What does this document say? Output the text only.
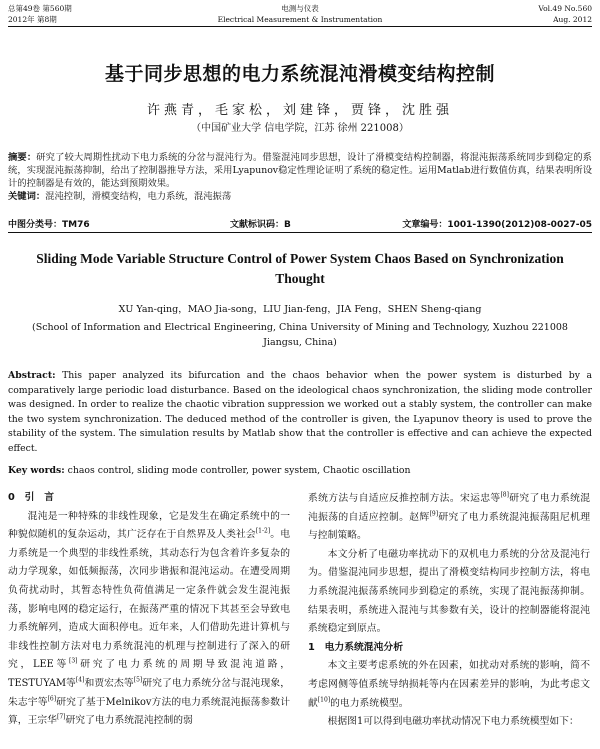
总第49卷 第560期	电测与仪表	Vol.49 No.560
2012年 第8期	Electrical Measurement & Instrumentation	Aug. 2012
基于同步思想的电力系统混沌滑模变结构控制
许燕青，毛家松，刘建锋，贾锋，沈胜强
（中国矿业大学 信电学院，江苏 徐州 221008）

摘要：研究了较大周期性扰动下电力系统的分岔与混沌行为。借鉴混沌同步思想，设计了滑模变结构控制器，将混沌振荡系统同步到稳定的系统，实现混沌振荡抑制，给出了控制器推导方法，采用Lyapunov稳定性理论证明了系统的稳定性。运用Matlab进行数值仿真，结果表明所设计的控制器是有效的，能达到预期效果。

关键词：混沌控制，滑模变结构，电力系统，混沌振荡

中图分类号：TM76	文献标识码：B	文章编号：1001-1390(2012)08-0027-05
Sliding Mode Variable Structure Control of Power System Chaos Based on Synchronization Thought
XU Yan-qing，MAO Jia-song，LIU Jian-feng，JIA Feng，SHEN Sheng-qiang
(School of Information and Electrical Engineering, China University of Mining and Technology, Xuzhou 221008 Jiangsu, China)
Abstract: This paper analyzed its bifurcation and the chaos behavior when the power system is disturbed by a comparatively large periodic load disturbance. Based on the ideological chaos synchronization, the sliding mode controller was designed. In order to realize the chaotic vibration suppression we worked out a stably system, the controller can make the two system synchronization. The deduced method of the controller is given, the Lyapunov theory is used to prove the stability of the system. The simulation results by Matlab show that the controller is effective and can achieve the expected effect.
Key words: chaos control, sliding mode controller, power system, Chaotic oscillation

0　引　言

混沌是一种特殊的非线性现象，它是发生在确定系统中的一种貌似随机的复杂运动，其广泛存在于自然界及人类社会[1-2]。电力系统是一个典型的非线性系统，其动态行为包含着许多复杂的动力学现象，如低频振荡，次同步谐振和混沌运动。在遭受周期负荷扰动时，其暂态特性负荷值满足一定条件就会发生混沌振荡，影响电网的稳定运行，在振荡严重的情况下其甚至会导致电力系统解列，造成大面积停电。近年来，人们借助先进计算机与非线性控制方法对电力系统混沌的机理与控制进行了深入的研究，LEE等[3]研究了电力系统的周期导致混沌道路，TESTUYAM等[4]和贾宏杰等[5]研究了电力系统分岔与混沌现象，朱志宇等[6]研究了基于Melnikov方法的电力系统混沌振荡参数计算，王宗华[7]研究了电力系统混沌控制的弱

系统方法与自适应反推控制方法。宋运忠等[8]研究了电力系统混沌振荡的自适应控制。赵辉[9]研究了电力系统混沌振荡阻尼机理与控制策略。

本文分析了电磁功率扰动下的双机电力系统的分岔及混沌行为。借鉴混沌同步思想，提出了滑模变结构同步控制方法，将电力系统混沌振荡系统同步到稳定的系统，实现了混沌振荡抑制。结果表明，系统进入混沌与其参数有关，设计的控制器能将混沌系统稳定到原点。

1　电力系统混沌分析

本文主要考虑系统的外在因素，如扰动对系统的影响，简不考虑网侧等值系统导纳损耗等内在因素差异的影响，为此考虑文献[10]的电力系统模型。

根据图1可以得到电磁功率扰动情况下电力系统模型如下：
